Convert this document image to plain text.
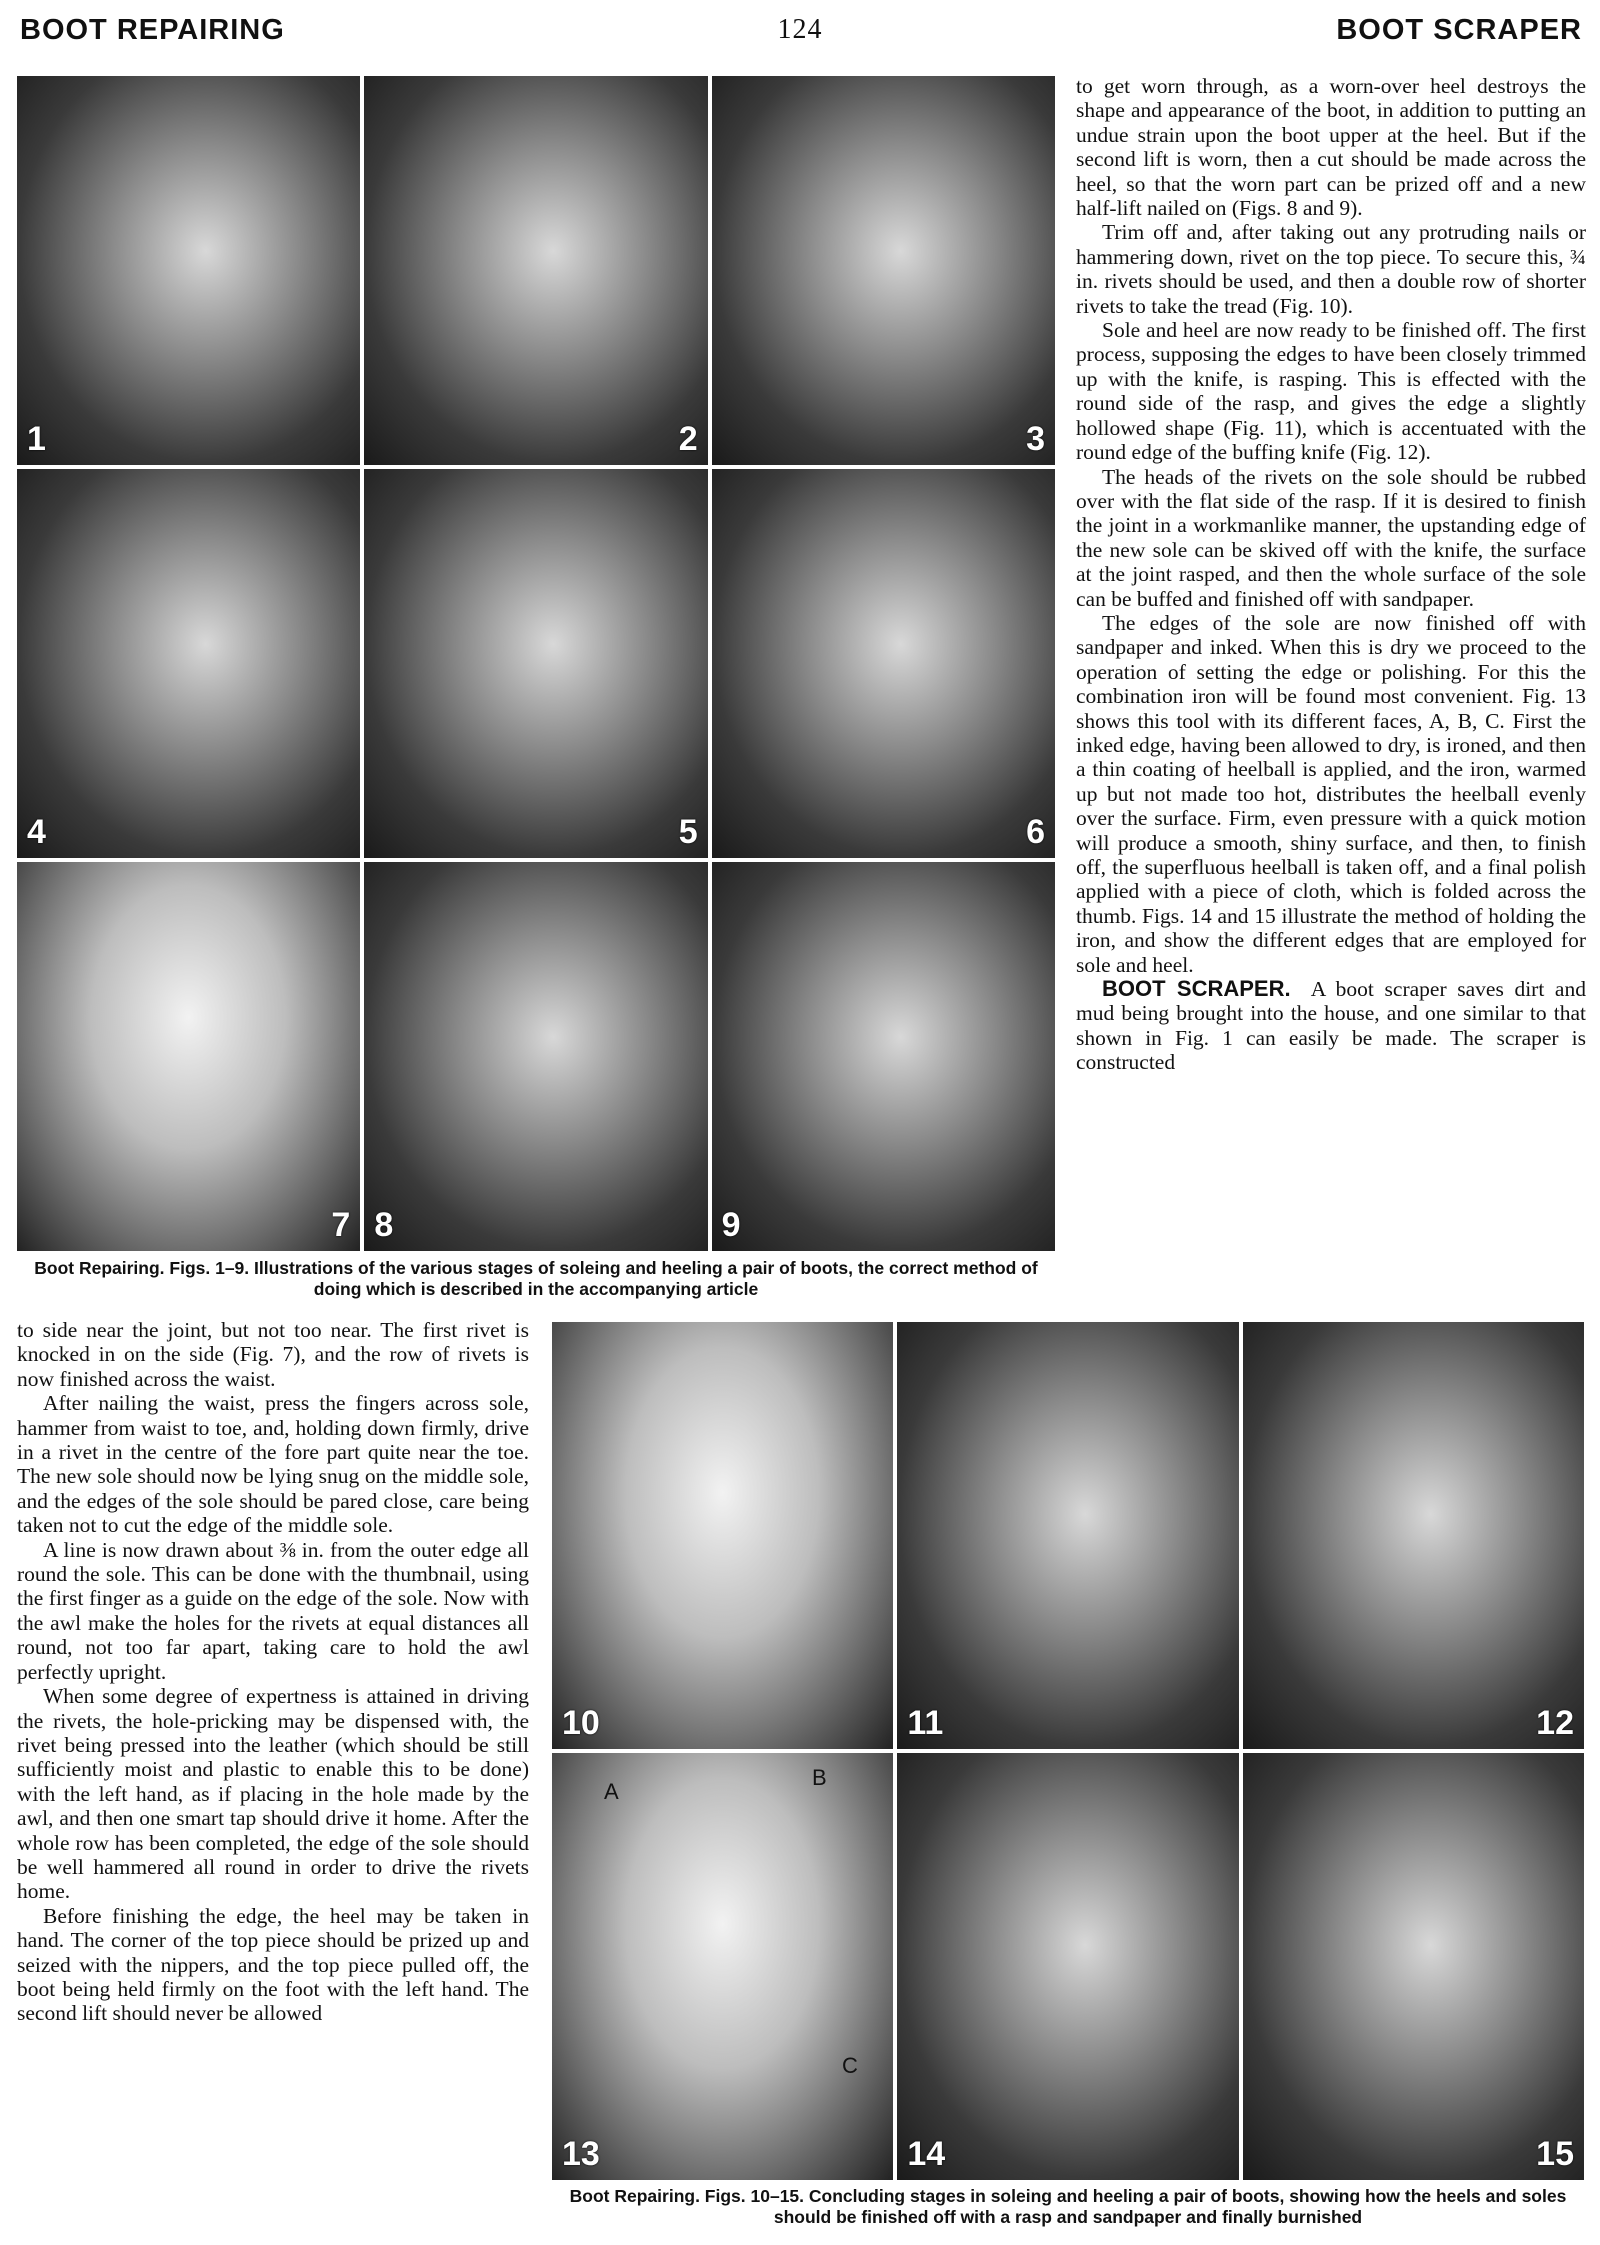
BOOT REPAIRING	124	BOOT SCRAPER
1	2	3
4	5	6
7 8	9
Boot Repairing. Figs. 1–9. Illustrations of the various stages of soleing and heeling a pair of boots, the correct method of doing which is described in the accompanying article

to get worn through, as a worn-over heel destroys the shape and appearance of the boot, in addition to putting an undue strain upon the boot upper at the heel. But if the second lift is worn, then a cut should be made across the heel, so that the worn part can be prized off and a new half-lift nailed on (Figs. 8 and 9).

Trim off and, after taking out any protruding nails or hammering down, rivet on the top piece. To secure this, ¾ in. rivets should be used, and then a double row of shorter rivets to take the tread (Fig. 10).

Sole and heel are now ready to be finished off. The first process, supposing the edges to have been closely trimmed up with the knife, is rasping. This is effected with the round side of the rasp, and gives the edge a slightly hollowed shape (Fig. 11), which is accentuated with the round edge of the buffing knife (Fig. 12).

The heads of the rivets on the sole should be rubbed over with the flat side of the rasp. If it is desired to finish the joint in a workmanlike manner, the upstanding edge of the new sole can be skived off with the knife, the surface at the joint rasped, and then the whole surface of the sole can be buffed and finished off with sandpaper.

The edges of the sole are now finished off with sandpaper and inked. When this is dry we proceed to the operation of setting the edge or polishing. For this the combination iron will be found most convenient. Fig. 13 shows this tool with its different faces, A, B, C. First the inked edge, having been allowed to dry, is ironed, and then a thin coating of heelball is applied, and the iron, warmed up but not made too hot, distributes the heelball evenly over the surface. Firm, even pressure with a quick motion will produce a smooth, shiny surface, and then, to finish off, the superfluous heelball is taken off, and a final polish applied with a piece of cloth, which is folded across the thumb. Figs. 14 and 15 illustrate the method of holding the iron, and show the different edges that are employed for sole and heel.

BOOT SCRAPER. A boot scraper saves dirt and mud being brought into the house, and one similar to that shown in Fig. 1 can easily be made. The scraper is constructed

to side near the joint, but not too near. The first rivet is knocked in on the side (Fig. 7), and the row of rivets is now finished across the waist.

After nailing the waist, press the fingers across sole, hammer from waist to toe, and, holding down firmly, drive in a rivet in the centre of the fore part quite near the toe. The new sole should now be lying snug on the middle sole, and the edges of the sole should be pared close, care being taken not to cut the edge of the middle sole.

A line is now drawn about ⅜ in. from the outer edge all round the sole. This can be done with the thumbnail, using the first finger as a guide on the edge of the sole. Now with the awl make the holes for the rivets at equal distances all round, not too far apart, taking care to hold the awl perfectly upright.

When some degree of expertness is attained in driving the rivets, the hole-pricking may be dispensed with, the rivet being pressed into the leather (which should be still sufficiently moist and plastic to enable this to be done) with the left hand, as if placing in the hole made by the awl, and then one smart tap should drive it home. After the whole row has been completed, the edge of the sole should be well hammered all round in order to drive the rivets home.

Before finishing the edge, the heel may be taken in hand. The corner of the top piece should be prized up and seized with the nippers, and the top piece pulled off, the boot being held firmly on the foot with the left hand. The second lift should never be allowed

10	11	12
A
B
C
13	14	15
Boot Repairing. Figs. 10–15. Concluding stages in soleing and heeling a pair of boots, showing how the heels and soles should be finished off with a rasp and sandpaper and finally burnished
